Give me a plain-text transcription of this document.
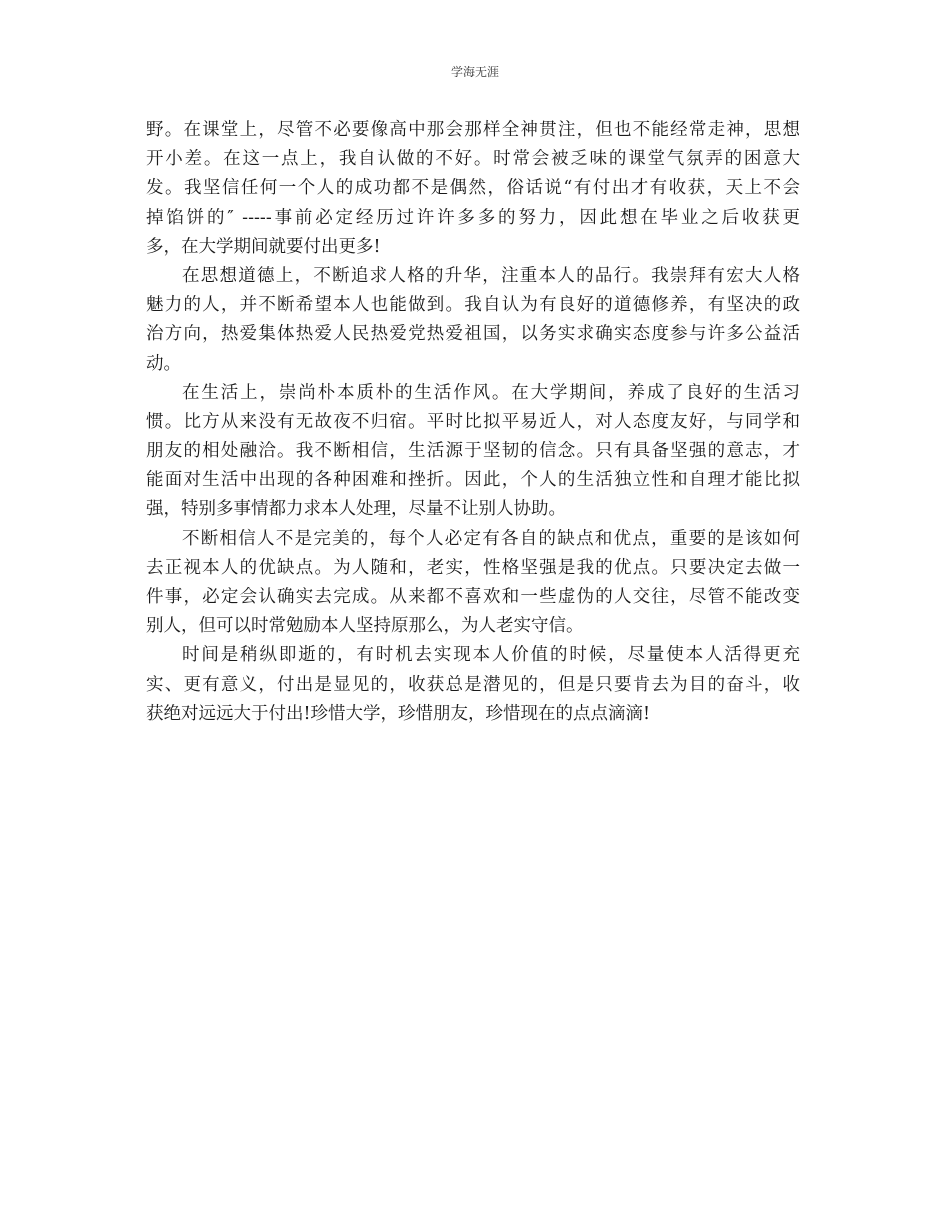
学海无涯
野。在课堂上，尽管不必要像高中那会那样全神贯注，但也不能经常走神，思想
开小差。在这一点上，我自认做的不好。时常会被乏味的课堂气氛弄的困意大
发。我坚信任何一个人的成功都不是偶然，俗话说“有付出才有收获，天上不会
掉馅饼的″ -----事前必定经历过许许多多的努力，因此想在毕业之后收获更
多，在大学期间就要付出更多!
在思想道德上，不断追求人格的升华，注重本人的品行。我崇拜有宏大人格
魅力的人，并不断希望本人也能做到。我自认为有良好的道德修养，有坚决的政
治方向，热爱集体热爱人民热爱党热爱祖国，以务实求确实态度参与许多公益活
动。
在生活上，崇尚朴本质朴的生活作风。在大学期间，养成了良好的生活习
惯。比方从来没有无故夜不归宿。平时比拟平易近人，对人态度友好，与同学和
朋友的相处融洽。我不断相信，生活源于坚韧的信念。只有具备坚强的意志，才
能面对生活中出现的各种困难和挫折。因此，个人的生活独立性和自理才能比拟
强，特别多事情都力求本人处理，尽量不让别人协助。
不断相信人不是完美的，每个人必定有各自的缺点和优点，重要的是该如何
去正视本人的优缺点。为人随和，老实，性格坚强是我的优点。只要决定去做一
件事，必定会认确实去完成。从来都不喜欢和一些虚伪的人交往，尽管不能改变
别人，但可以时常勉励本人坚持原那么，为人老实守信。
时间是稍纵即逝的，有时机去实现本人价值的时候，尽量使本人活得更充
实、更有意义，付出是显见的，收获总是潜见的，但是只要肯去为目的奋斗，收
获绝对远远大于付出!珍惜大学，珍惜朋友，珍惜现在的点点滴滴!
